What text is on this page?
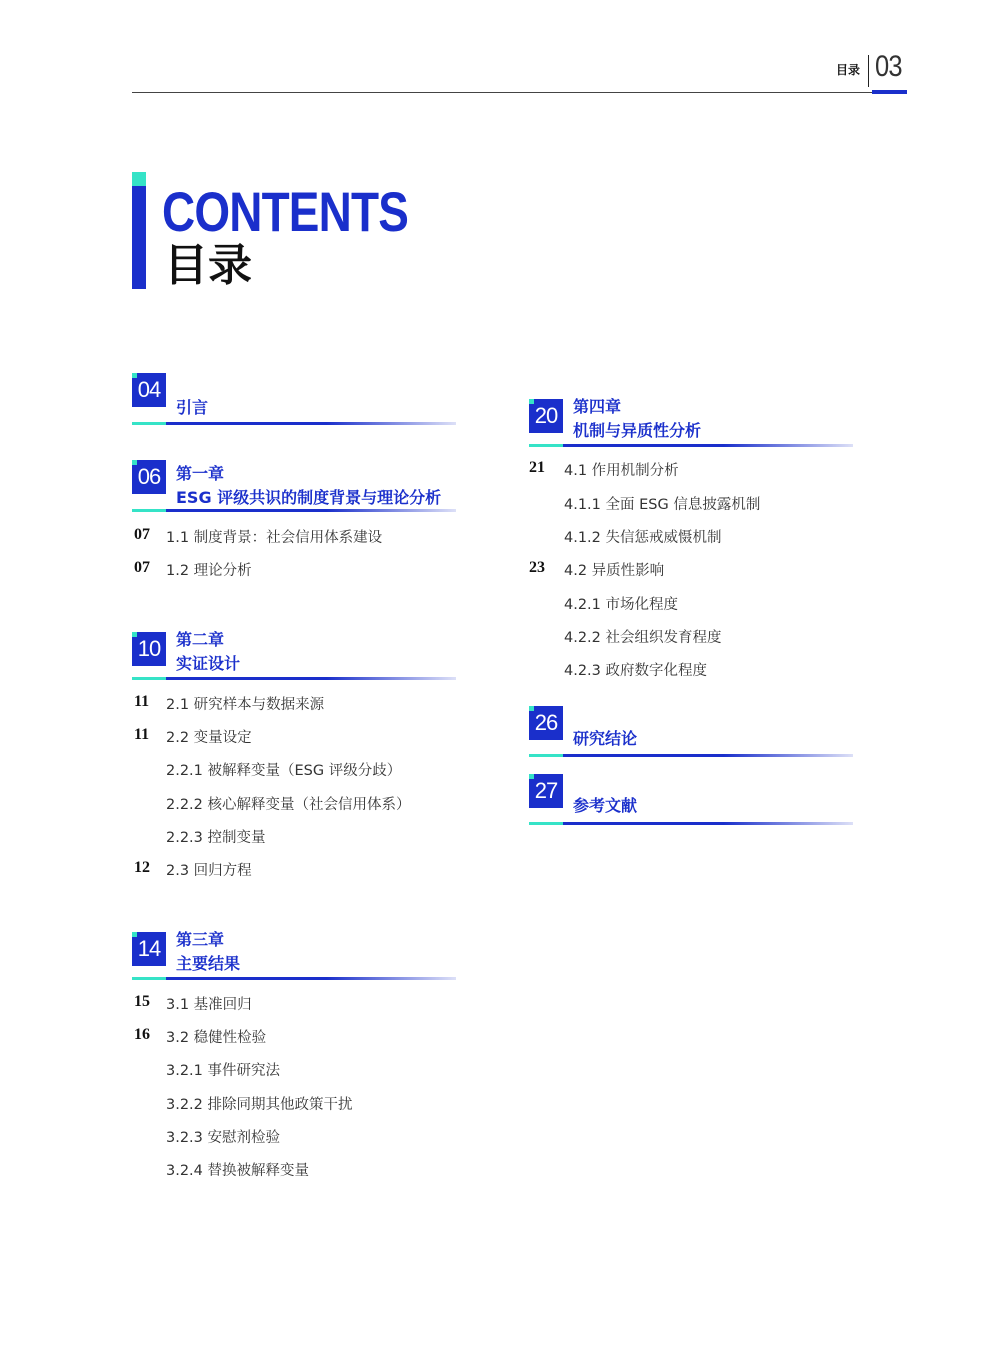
目录 03
CONTENTS
目录
04
引言
06 第一章
ESG 评级共识的制度背景与理论分析
07 1.1 制度背景：社会信用体系建设
07 1.2 理论分析
10 第二章
实证设计
11 2.1 研究样本与数据来源
11 2.2 变量设定
2.2.1 被解释变量（ESG 评级分歧）
2.2.2 核心解释变量（社会信用体系）
2.2.3 控制变量
12 2.3 回归方程
14 第三章
主要结果
15 3.1 基准回归
16 3.2 稳健性检验
3.2.1 事件研究法
3.2.2 排除同期其他政策干扰
3.2.3 安慰剂检验
3.2.4 替换被解释变量
20 第四章
机制与异质性分析
21 4.1 作用机制分析
4.1.1 全面 ESG 信息披露机制
4.1.2 失信惩戒威慑机制
23 4.2 异质性影响
4.2.1 市场化程度
4.2.2 社会组织发育程度
4.2.3 政府数字化程度
26
研究结论
27
参考文献
